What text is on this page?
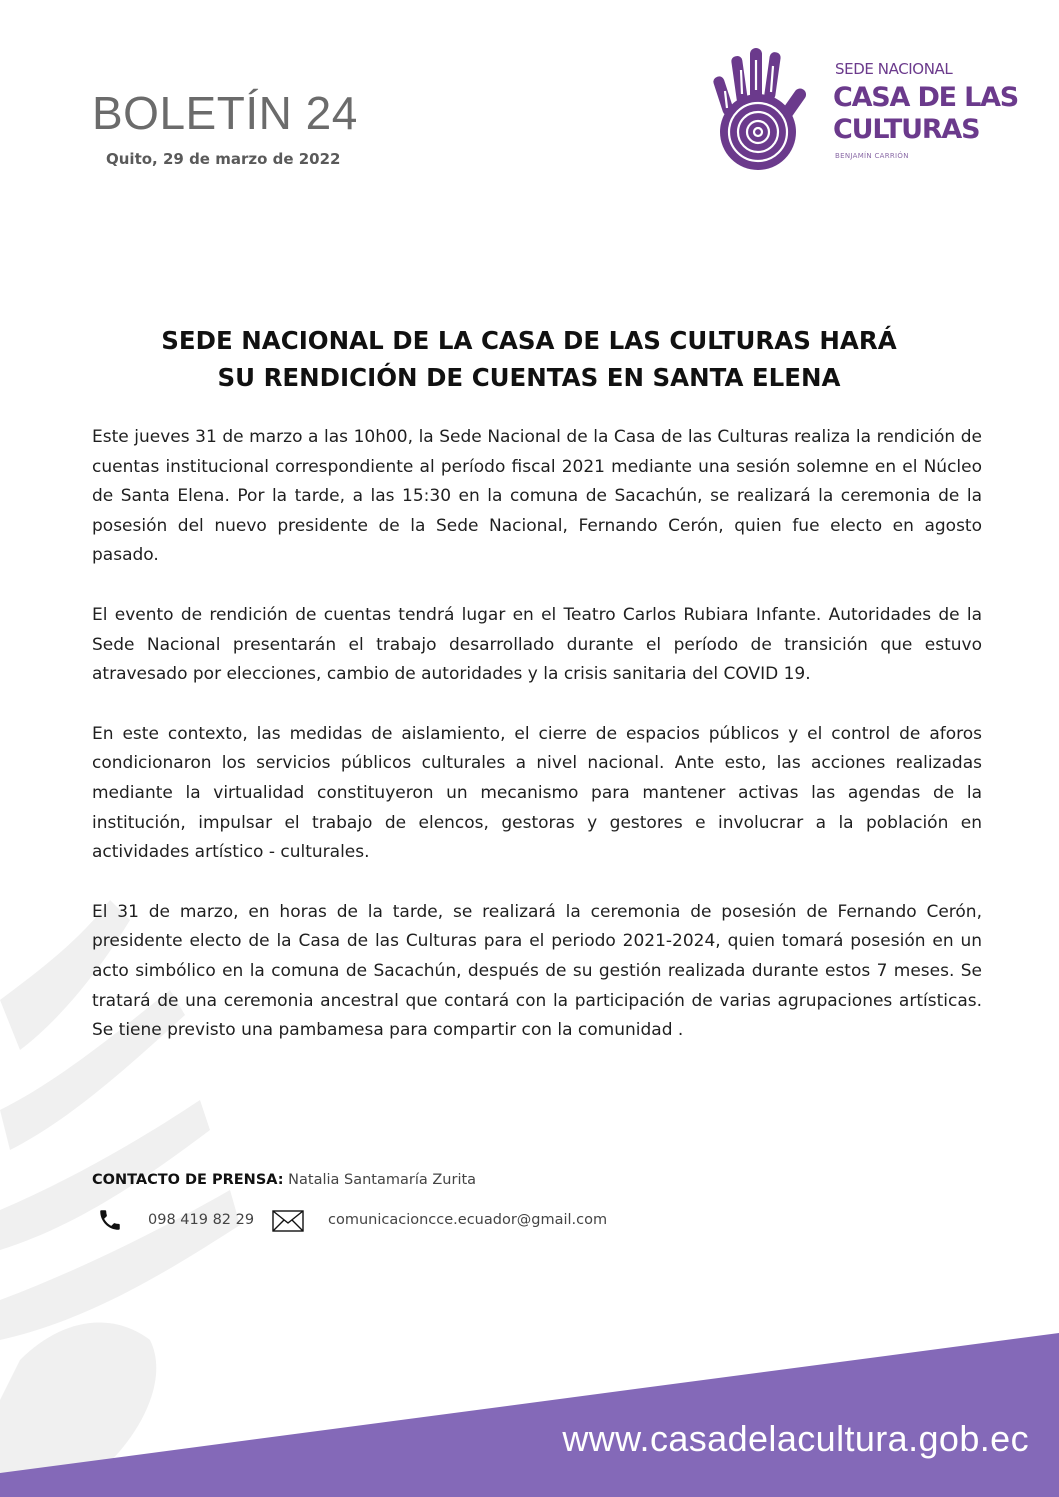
BOLETÍN 24
Quito, 29 de marzo de 2022
SEDE NACIONAL
CASA DE LAS
CULTURAS
BENJAMÍN CARRIÓN
SEDE NACIONAL DE LA CASA DE LAS CULTURAS HARÁ
SU RENDICIÓN DE CUENTAS EN SANTA ELENA

Este jueves 31 de marzo a las 10h00, la Sede Nacional de la Casa de las Culturas realiza la rendición de cuentas institucional correspondiente al período fiscal 2021 mediante una sesión solemne en el Núcleo de Santa Elena. Por la tarde, a las 15:30 en la comuna de Sacachún, se realizará la ceremonia de la posesión del nuevo presidente de la Sede Nacional, Fernando Cerón, quien fue electo en agosto pasado.

El evento de rendición de cuentas tendrá lugar en el Teatro Carlos Rubiara Infante. Autoridades de la Sede Nacional presentarán el trabajo desarrollado durante el período de transición que estuvo atravesado por elecciones, cambio de autoridades y la crisis sanitaria del COVID 19.

En este contexto, las medidas de aislamiento, el cierre de espacios públicos y el control de aforos condicionaron los servicios públicos culturales a nivel nacional. Ante esto, las acciones realizadas mediante la virtualidad constituyeron un mecanismo para mantener activas las agendas de la institución, impulsar el trabajo de elencos, gestoras y gestores e involucrar a la población en actividades artístico - culturales.

El 31 de marzo, en horas de la tarde, se realizará la ceremonia de posesión de Fernando Cerón, presidente electo de la Casa de las Culturas para el periodo 2021-2024, quien tomará posesión en un acto simbólico en la comuna de Sacachún, después de su gestión realizada durante estos 7 meses. Se tratará de una ceremonia ancestral que contará con la participación de varias agrupaciones artísticas. Se tiene previsto una pambamesa para compartir con la comunidad .

CONTACTO DE PRENSA: Natalia Santamaría Zurita
098 419 82 29	comunicacioncce.ecuador@gmail.com
www.casadelacultura.gob.ec
